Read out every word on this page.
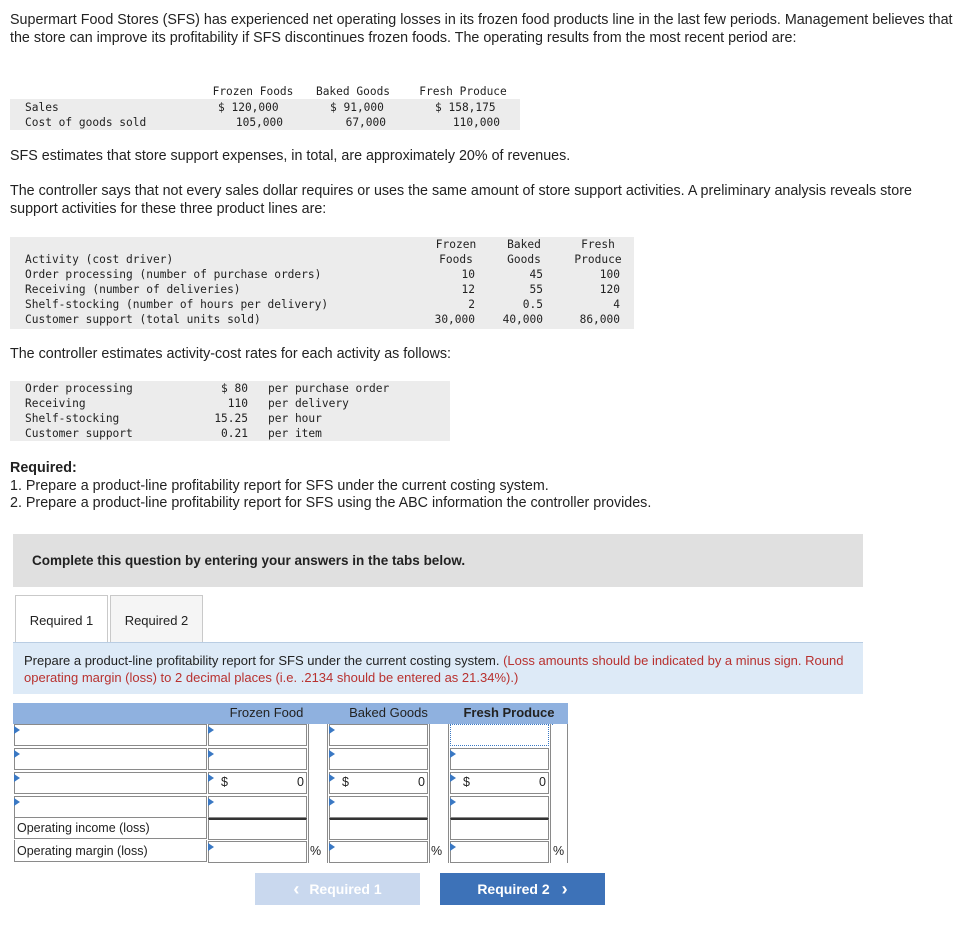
Supermart Food Stores (SFS) has experienced net operating losses in its frozen food products line in the last few periods. Management believes that the store can improve its profitability if SFS discontinues frozen foods. The operating results from the most recent period are:
Frozen Foods	Baked Goods	Fresh Produce
Sales	$ 120,000	$ 91,000	$ 158,175
Cost of goods sold	105,000	67,000	110,000
SFS estimates that store support expenses, in total, are approximately 20% of revenues.
The controller says that not every sales dollar requires or uses the same amount of store support activities. A preliminary analysis reveals store support activities for these three product lines are:
Frozen	Baked	Fresh
Foods	Goods	Produce
Activity (cost driver)
Order processing (number of purchase orders)	10	45	100
Receiving (number of deliveries)	12	55	120
Shelf-stocking (number of hours per delivery)	2	0.5	4
Customer support (total units sold)	30,000	40,000	86,000
The controller estimates activity-cost rates for each activity as follows:
Order processing	$ 80 per purchase order
Receiving	110 per delivery
Shelf-stocking	15.25 per hour
Customer support	0.21 per item
Required:
1. Prepare a product-line profitability report for SFS under the current costing system.
2. Prepare a product-line profitability report for SFS using the ABC information the controller provides.
Complete this question by entering your answers in the tabs below.
Required 1 Required 2
Prepare a product-line profitability report for SFS under the current costing system. (Loss amounts should be indicated by a minus sign. Round operating margin (loss) to 2 decimal places (i.e. .2134 should be entered as 21.34%).)
Frozen Food	Baked Goods	Fresh Produce
$	0	$	0	$	0
Operating income (loss)
Operating margin (loss)	%	%	%
‹ Required 1	Required 2 ›
